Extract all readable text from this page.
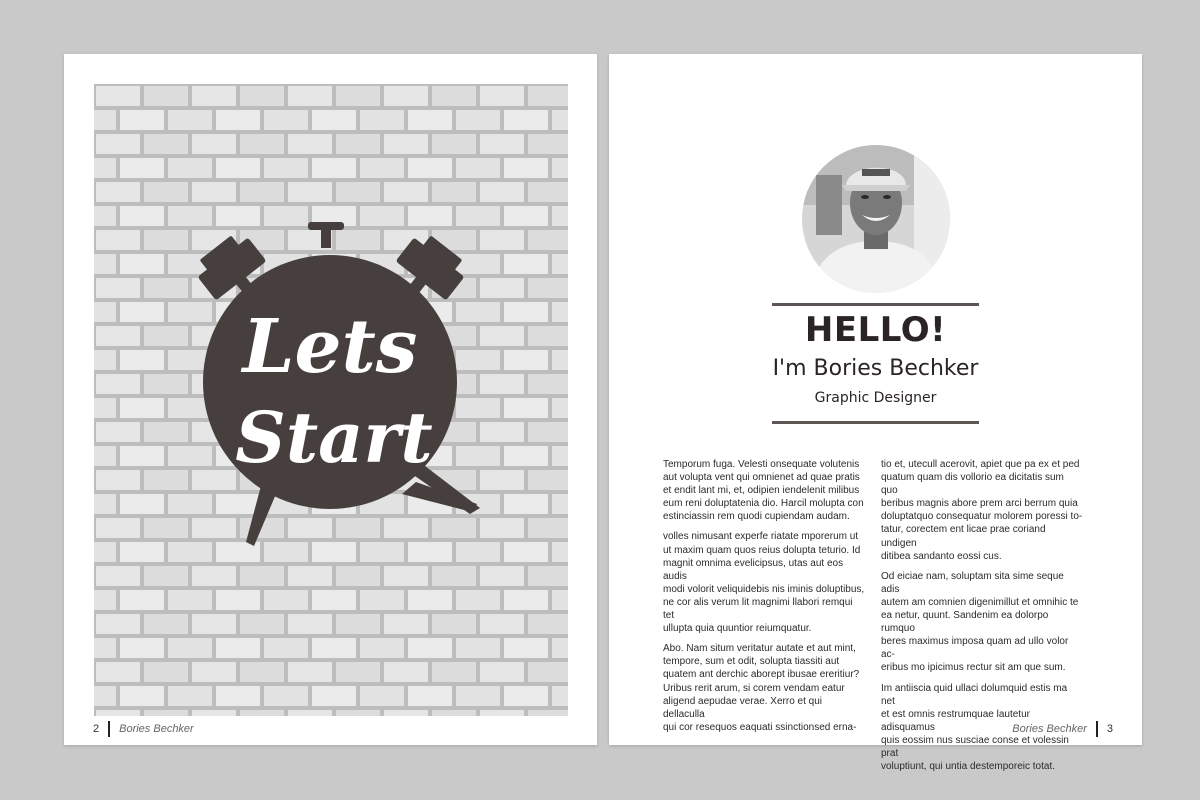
Lets
Start
2 Bories Bechker
HELLO!
I'm Bories Bechker
Graphic Designer

Temporum fuga. Velesti onsequate volutenis
aut volupta vent qui omnienet ad quae pratis
et endit lant mi, et, odipien iendelenit milibus
eum reni doluptatenia dio. Harcil molupta con
estinciassin rem quodi cupiendam audam.

volles nimusant experfe riatate mporerum ut
ut maxim quam quos reius dolupta teturio. Id
magnit omnima evelicipsus, utas aut eos audis
modi volorit veliquidebis nis iminis doluptibus,
ne cor alis verum lit magnimi llabori remqui tet
ullupta quia quuntior reiumquatur.

Abo. Nam situm veritatur autate et aut mint,
tempore, sum et odit, solupta tiassiti aut
quatem ant derchic aborept ibusae ereritiur?
Uribus rerit arum, si corem vendam eatur
aligend aepudae verae. Xerro et qui dellaculla
qui cor resequos eaquati ssinctionsed erna-

tio et, utecull acerovit, apiet que pa ex et ped
quatum quam dis vollorio ea dicitatis sum quo
beribus magnis abore prem arci berrum quia
doluptatquo consequatur molorem poressi to-
tatur, corectem ent licae prae coriand undigen
ditibea sandanto eossi cus.

Od eiciae nam, soluptam sita sime seque adis
autem am comnien digenimillut et omnihic te
ea netur, quunt. Sandenim ea dolorpo rumquo
beres maximus imposa quam ad ullo volor ac-
eribus mo ipicimus rectur sit am que sum.

Im antiiscia quid ullaci dolumquid estis ma net
et est omnis restrumquae lautetur adisquamus
quis eossim nus susciae conse et volessin prat
voluptiunt, qui untia destemporeic totat.

Bories Bechker 3
